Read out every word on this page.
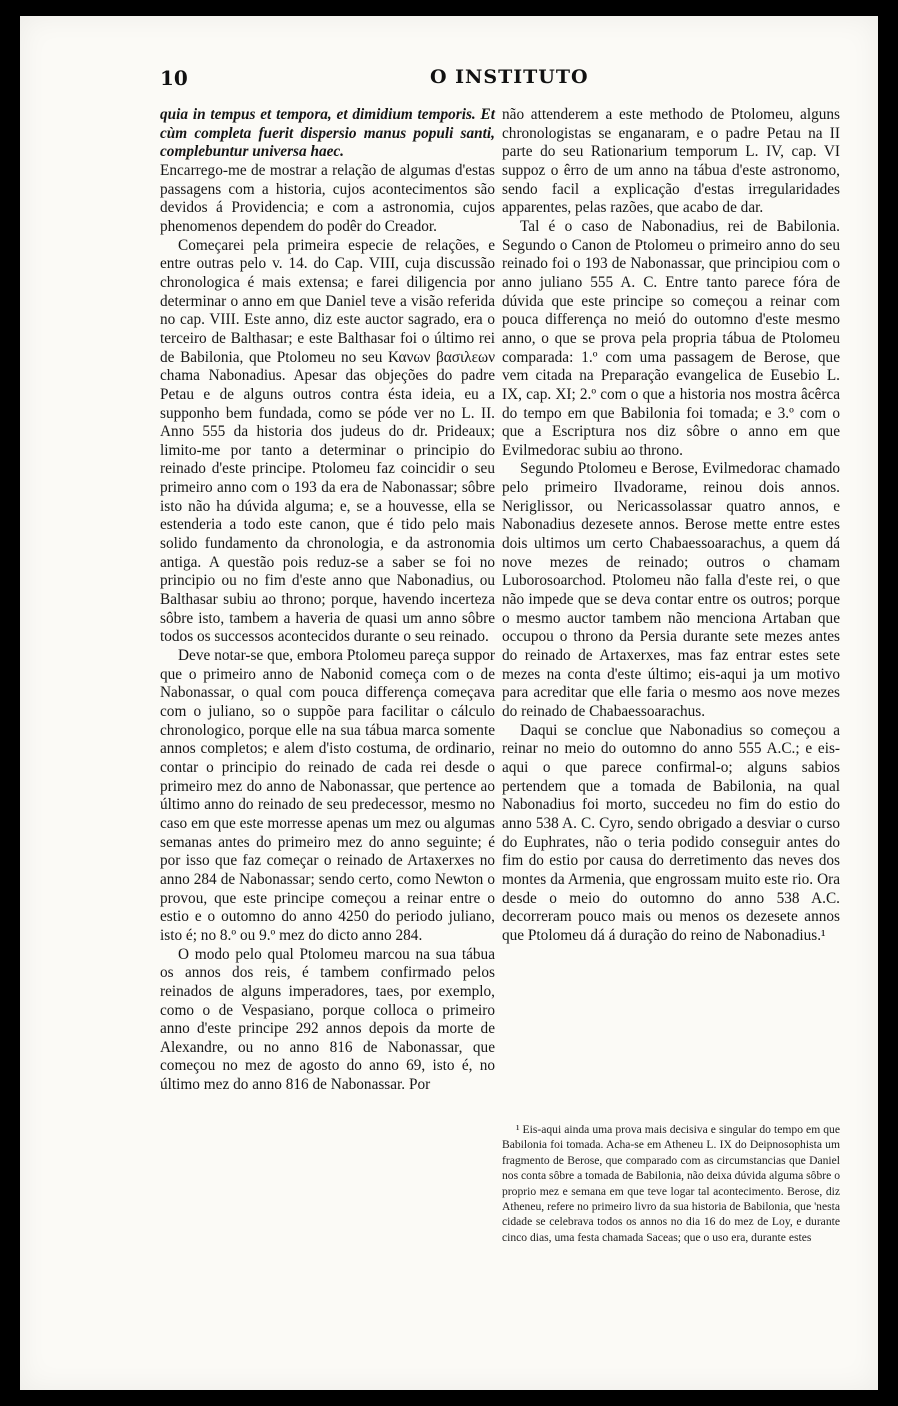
10	O INSTITUTO

quia in tempus et tempora, et dimidium temporis. Et cùm completa fuerit dispersio manus populi santi, complebuntur universa haec.

Encarrego-me de mostrar a relação de algumas d'estas passagens com a historia, cujos acontecimentos são devidos á Providencia; e com a astronomia, cujos phenomenos dependem do podêr do Creador.

Começarei pela primeira especie de relações, e entre outras pelo v. 14. do Cap. VIII, cuja discussão chronologica é mais extensa; e farei diligencia por determinar o anno em que Daniel teve a visão referida no cap. VIII. Este anno, diz este auctor sagrado, era o terceiro de Balthasar; e este Balthasar foi o último rei de Babilonia, que Ptolomeu no seu Κανων βασιλεων chama Nabonadius. Apesar das objeções do padre Petau e de alguns outros contra ésta ideia, eu a supponho bem fundada, como se póde ver no L. II. Anno 555 da historia dos judeus do dr. Prideaux; limito-me por tanto a determinar o principio do reinado d'este principe. Ptolomeu faz coincidir o seu primeiro anno com o 193 da era de Nabonassar; sôbre isto não ha dúvida alguma; e, se a houvesse, ella se estenderia a todo este canon, que é tido pelo mais solido fundamento da chronologia, e da astronomia antiga. A questão pois reduz-se a saber se foi no principio ou no fim d'este anno que Nabonadius, ou Balthasar subiu ao throno; porque, havendo incerteza sôbre isto, tambem a haveria de quasi um anno sôbre todos os successos acontecidos durante o seu reinado.

Deve notar-se que, embora Ptolomeu pareça suppor que o primeiro anno de Nabonid começa com o de Nabonassar, o qual com pouca differença começava com o juliano, so o suppõe para facilitar o cálculo chronologico, porque elle na sua tábua marca somente annos completos; e alem d'isto costuma, de ordinario, contar o principio do reinado de cada rei desde o primeiro mez do anno de Nabonassar, que pertence ao último anno do reinado de seu predecessor, mesmo no caso em que este morresse apenas um mez ou algumas semanas antes do primeiro mez do anno seguinte; é por isso que faz começar o reinado de Artaxerxes no anno 284 de Nabonassar; sendo certo, como Newton o provou, que este principe começou a reinar entre o estio e o outomno do anno 4250 do periodo juliano, isto é; no 8.º ou 9.º mez do dicto anno 284.

O modo pelo qual Ptolomeu marcou na sua tábua os annos dos reis, é tambem confirmado pelos reinados de alguns imperadores, taes, por exemplo, como o de Vespasiano, porque colloca o primeiro anno d'este principe 292 annos depois da morte de Alexandre, ou no anno 816 de Nabonassar, que começou no mez de agosto do anno 69, isto é, no último mez do anno 816 de Nabonassar. Por

não attenderem a este methodo de Ptolomeu, alguns chronologistas se enganaram, e o padre Petau na II parte do seu Rationarium temporum L. IV, cap. VI suppoz o êrro de um anno na tábua d'este astronomo, sendo facil a explicação d'estas irregularidades apparentes, pelas razões, que acabo de dar.

Tal é o caso de Nabonadius, rei de Babilonia. Segundo o Canon de Ptolomeu o primeiro anno do seu reinado foi o 193 de Nabonassar, que principiou com o anno juliano 555 A. C. Entre tanto parece fóra de dúvida que este principe so começou a reinar com pouca differença no meió do outomno d'este mesmo anno, o que se prova pela propria tábua de Ptolomeu comparada: 1.º com uma passagem de Berose, que vem citada na Preparação evangelica de Eusebio L. IX, cap. XI; 2.º com o que a historia nos mostra âcêrca do tempo em que Babilonia foi tomada; e 3.º com o que a Escriptura nos diz sôbre o anno em que Evilmedorac subiu ao throno.

Segundo Ptolomeu e Berose, Evilmedorac chamado pelo primeiro Ilvadorame, reinou dois annos. Neriglissor, ou Nericassolassar quatro annos, e Nabonadius dezesete annos. Berose mette entre estes dois ultimos um certo Chabaessoarachus, a quem dá nove mezes de reinado; outros o chamam Luborosoarchod. Ptolomeu não falla d'este rei, o que não impede que se deva contar entre os outros; porque o mesmo auctor tambem não menciona Artaban que occupou o throno da Persia durante sete mezes antes do reinado de Artaxerxes, mas faz entrar estes sete mezes na conta d'este último; eis-aqui ja um motivo para acreditar que elle faria o mesmo aos nove mezes do reinado de Chabaessoarachus.

Daqui se conclue que Nabonadius so começou a reinar no meio do outomno do anno 555 A.C.; e eis-aqui o que parece confirmal-o; alguns sabios pertendem que a tomada de Babilonia, na qual Nabonadius foi morto, succedeu no fim do estio do anno 538 A. C. Cyro, sendo obrigado a desviar o curso do Euphrates, não o teria podido conseguir antes do fim do estio por causa do derretimento das neves dos montes da Armenia, que engrossam muito este rio. Ora desde o meio do outomno do anno 538 A.C. decorreram pouco mais ou menos os dezesete annos que Ptolomeu dá á duração do reino de Nabonadius.¹

¹ Eis-aqui ainda uma prova mais decisiva e singular do tempo em que Babilonia foi tomada. Acha-se em Atheneu L. IX do Deipnosophista um fragmento de Berose, que comparado com as circumstancias que Daniel nos conta sôbre a tomada de Babilonia, não deixa dúvida alguma sôbre o proprio mez e semana em que teve logar tal acontecimento. Berose, diz Atheneu, refere no primeiro livro da sua historia de Babilonia, que 'nesta cidade se celebrava todos os annos no dia 16 do mez de Loy, e durante cinco dias, uma festa chamada Saceas; que o uso era, durante estes
